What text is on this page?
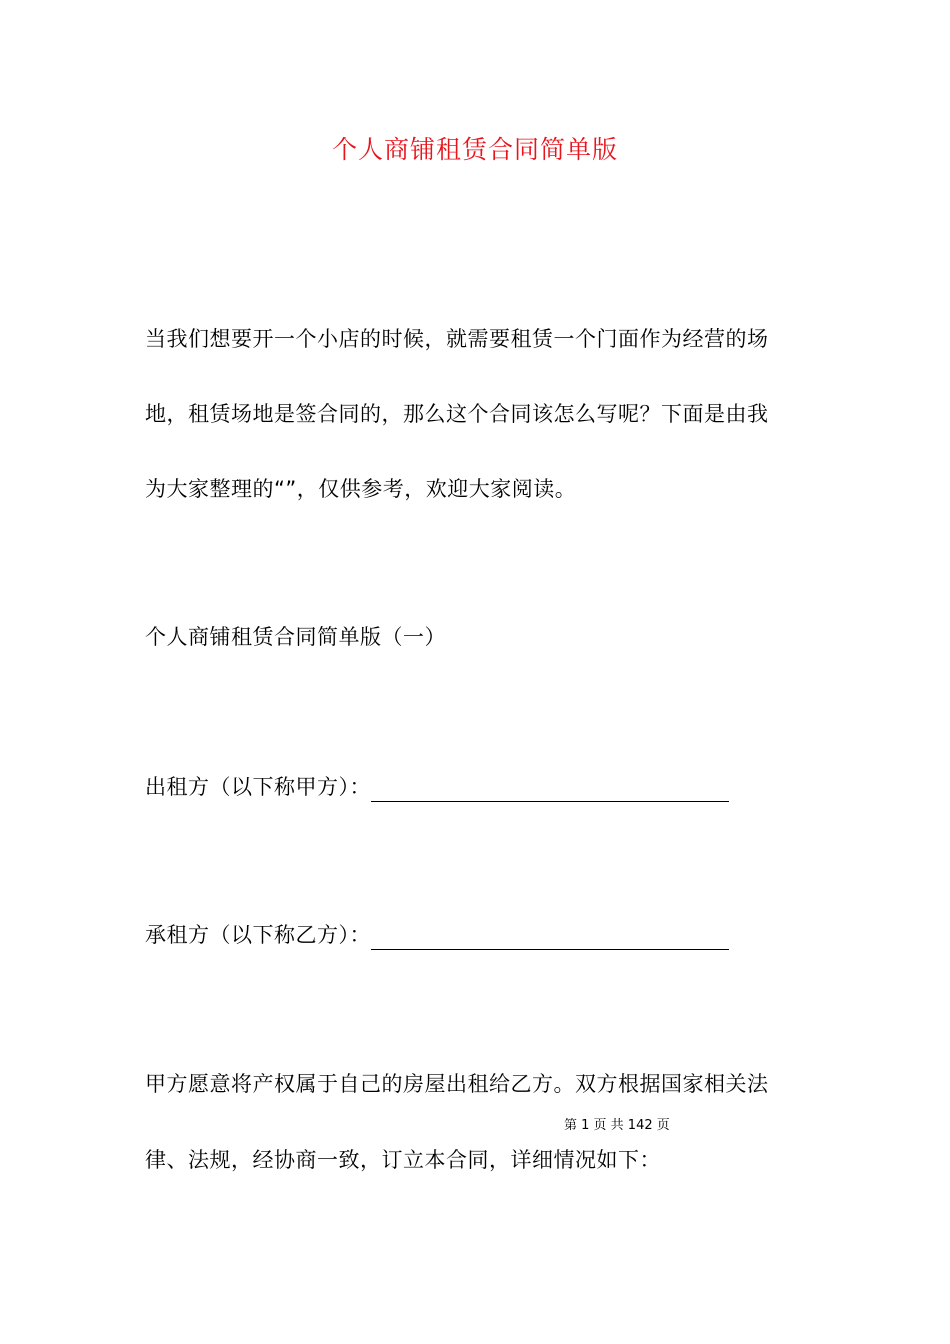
个人商铺租赁合同简单版
当我们想要开一个小店的时候，就需要租赁一个门面作为经营的场
地，租赁场地是签合同的，那么这个合同该怎么写呢？下面是由我
为大家整理的“”，仅供参考，欢迎大家阅读。
个人商铺租赁合同简单版（一）
出租方（以下称甲方）：
承租方（以下称乙方）：
甲方愿意将产权属于自己的房屋出租给乙方。双方根据国家相关法
第 1 页 共 142 页
律、法规，经协商一致，订立本合同，详细情况如下：
